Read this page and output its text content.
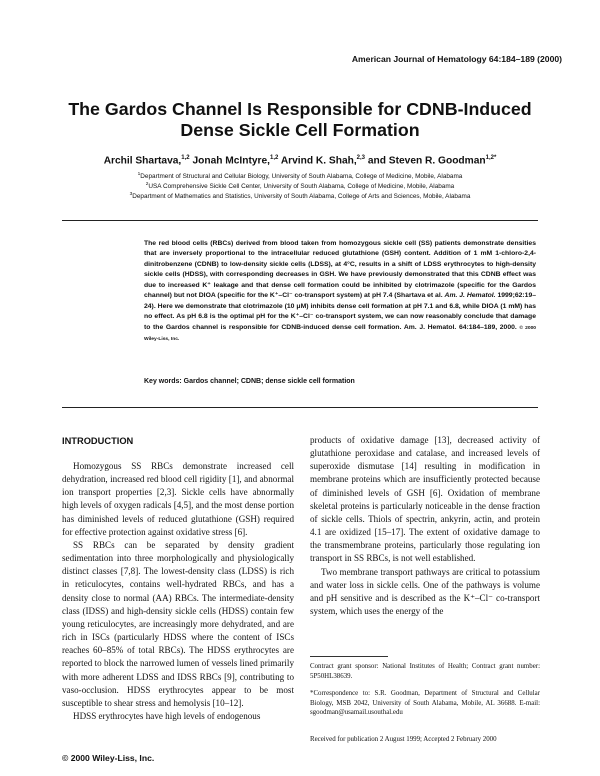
American Journal of Hematology 64:184–189 (2000)
The Gardos Channel Is Responsible for CDNB-Induced
Dense Sickle Cell Formation
Archil Shartava,$^{1,2}$ Jonah McIntyre,$^{1,2}$ Arvind K. Shah,$^{2,3}$ and Steven R. Goodman$^{1,2*}$
$^1$Department of Structural and Cellular Biology, University of South Alabama, College of Medicine, Mobile, Alabama
$^2$USA Comprehensive Sickle Cell Center, University of South Alabama, College of Medicine, Mobile, Alabama
$^3$Department of Mathematics and Statistics, University of South Alabama, College of Arts and Sciences, Mobile, Alabama
The red blood cells (RBCs) derived from blood taken from homozygous sickle cell (SS) patients demonstrate densities that are inversely proportional to the intracellular reduced glutathione (GSH) content. Addition of 1 mM 1-chloro-2,4-dinitrobenzene (CDNB) to low-density sickle cells (LDSS), at 4°C, results in a shift of LDSS erythrocytes to high-density sickle cells (HDSS), with corresponding decreases in GSH. We have previously demonstrated that this CDNB effect was due to increased K⁺ leakage and that dense cell formation could be inhibited by clotrimazole (specific for the Gardos channel) but not DIOA (specific for the K⁺–Cl⁻ co-transport system) at pH 7.4 (Shartava et al. Am. J. Hematol. 1999;62:19–24). Here we demonstrate that clotrimazole (10 μM) inhibits dense cell formation at pH 7.1 and 6.8, while DIOA (1 mM) has no effect. As pH 6.8 is the optimal pH for the K⁺–Cl⁻ co-transport system, we can now reasonably conclude that damage to the Gardos channel is responsible for CDNB-induced dense cell formation. Am. J. Hematol. 64:184–189, 2000. © 2000 Wiley-Liss, Inc.
Key words: Gardos channel; CDNB; dense sickle cell formation
INTRODUCTION

Homozygous SS RBCs demonstrate increased cell dehydration, increased red blood cell rigidity [1], and abnormal ion transport properties [2,3]. Sickle cells have abnormally high levels of oxygen radicals [4,5], and the most dense portion has diminished levels of reduced glutathione (GSH) required for effective protection against oxidative stress [6].

SS RBCs can be separated by density gradient sedimentation into three morphologically and physiologically distinct classes [7,8]. The lowest-density class (LDSS) is rich in reticulocytes, contains well-hydrated RBCs, and has a density close to normal (AA) RBCs. The intermediate-density class (IDSS) and high-density sickle cells (HDSS) contain few young reticulocytes, are increasingly more dehydrated, and are rich in ISCs (particularly HDSS where the content of ISCs reaches 60–85% of total RBCs). The HDSS erythrocytes are reported to block the narrowed lumen of vessels lined primarily with more adherent LDSS and IDSS RBCs [9], contributing to vaso-occlusion. HDSS erythrocytes appear to be most susceptible to shear stress and hemolysis [10–12].

HDSS erythrocytes have high levels of endogenous

products of oxidative damage [13], decreased activity of glutathione peroxidase and catalase, and increased levels of superoxide dismutase [14] resulting in modification in membrane proteins which are insufficiently protected because of diminished levels of GSH [6]. Oxidation of membrane skeletal proteins is particularly noticeable in the dense fraction of sickle cells. Thiols of spectrin, ankyrin, actin, and protein 4.1 are oxidized [15–17]. The extent of oxidative damage to the transmembrane proteins, particularly those regulating ion transport in SS RBCs, is not well established.

Two membrane transport pathways are critical to potassium and water loss in sickle cells. One of the pathways is volume and pH sensitive and is described as the K⁺–Cl⁻ co-transport system, which uses the energy of the

Contract grant sponsor: National Institutes of Health; Contract grant number: 5P50HL38639.
*Correspondence to: S.R. Goodman, Department of Structural and Cellular Biology, MSB 2042, University of South Alabama, Mobile, AL 36688. E-mail: sgoodman@usamail.usouthal.edu
Received for publication 2 August 1999; Accepted 2 February 2000
© 2000 Wiley-Liss, Inc.
